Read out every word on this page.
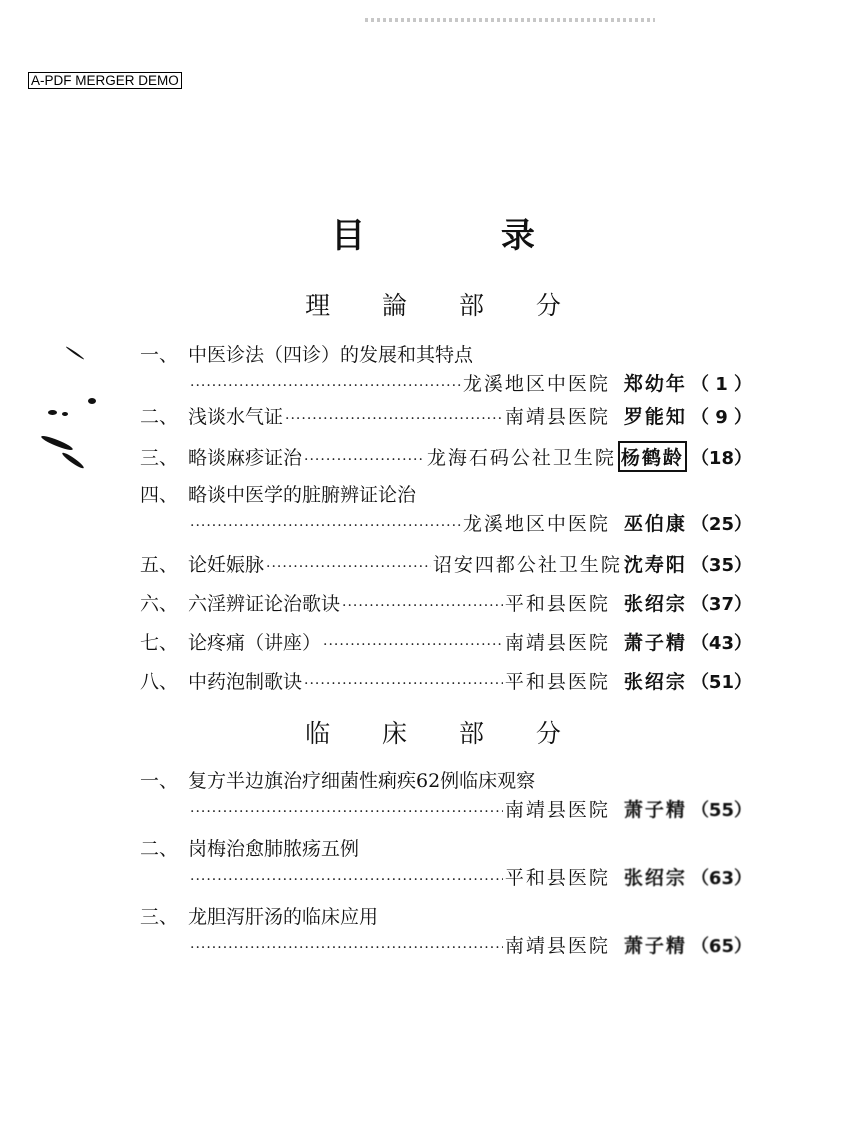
A-PDF MERGER DEMO
目 录
理 論 部 分
一、 中医诊法（四诊）的发展和其特点
·····
龙溪地区中医院 郑幼年 （ 1 ）
二、 浅谈水气证 ·····	南靖县医院 罗能知 （ 9 ）
三、 略谈麻疹证治 ·····	龙海石码公社卫生院 杨鹤龄 （18）
四、 略谈中医学的脏腑辨证论治
·····
龙溪地区中医院 巫伯康 （25）
五、 论妊娠脉 ·····	诏安四都公社卫生院 沈寿阳 （35）
六、 六淫辨证论治歌诀 ·····	平和县医院 张绍宗 （37）
七、 论疼痛（讲座） ·····	南靖县医院 萧子精 （43）
八、 中药泡制歌诀 ·····	平和县医院 张绍宗 （51）
临 床 部 分
一、 复方半边旗治疗细菌性痢疾62例临床观察
·····
南靖县医院 萧子精 （55）
二、 岗梅治愈肺脓疡五例
·····
平和县医院 张绍宗 （63）
三、 龙胆泻肝汤的临床应用
·····
南靖县医院 萧子精 （65）
